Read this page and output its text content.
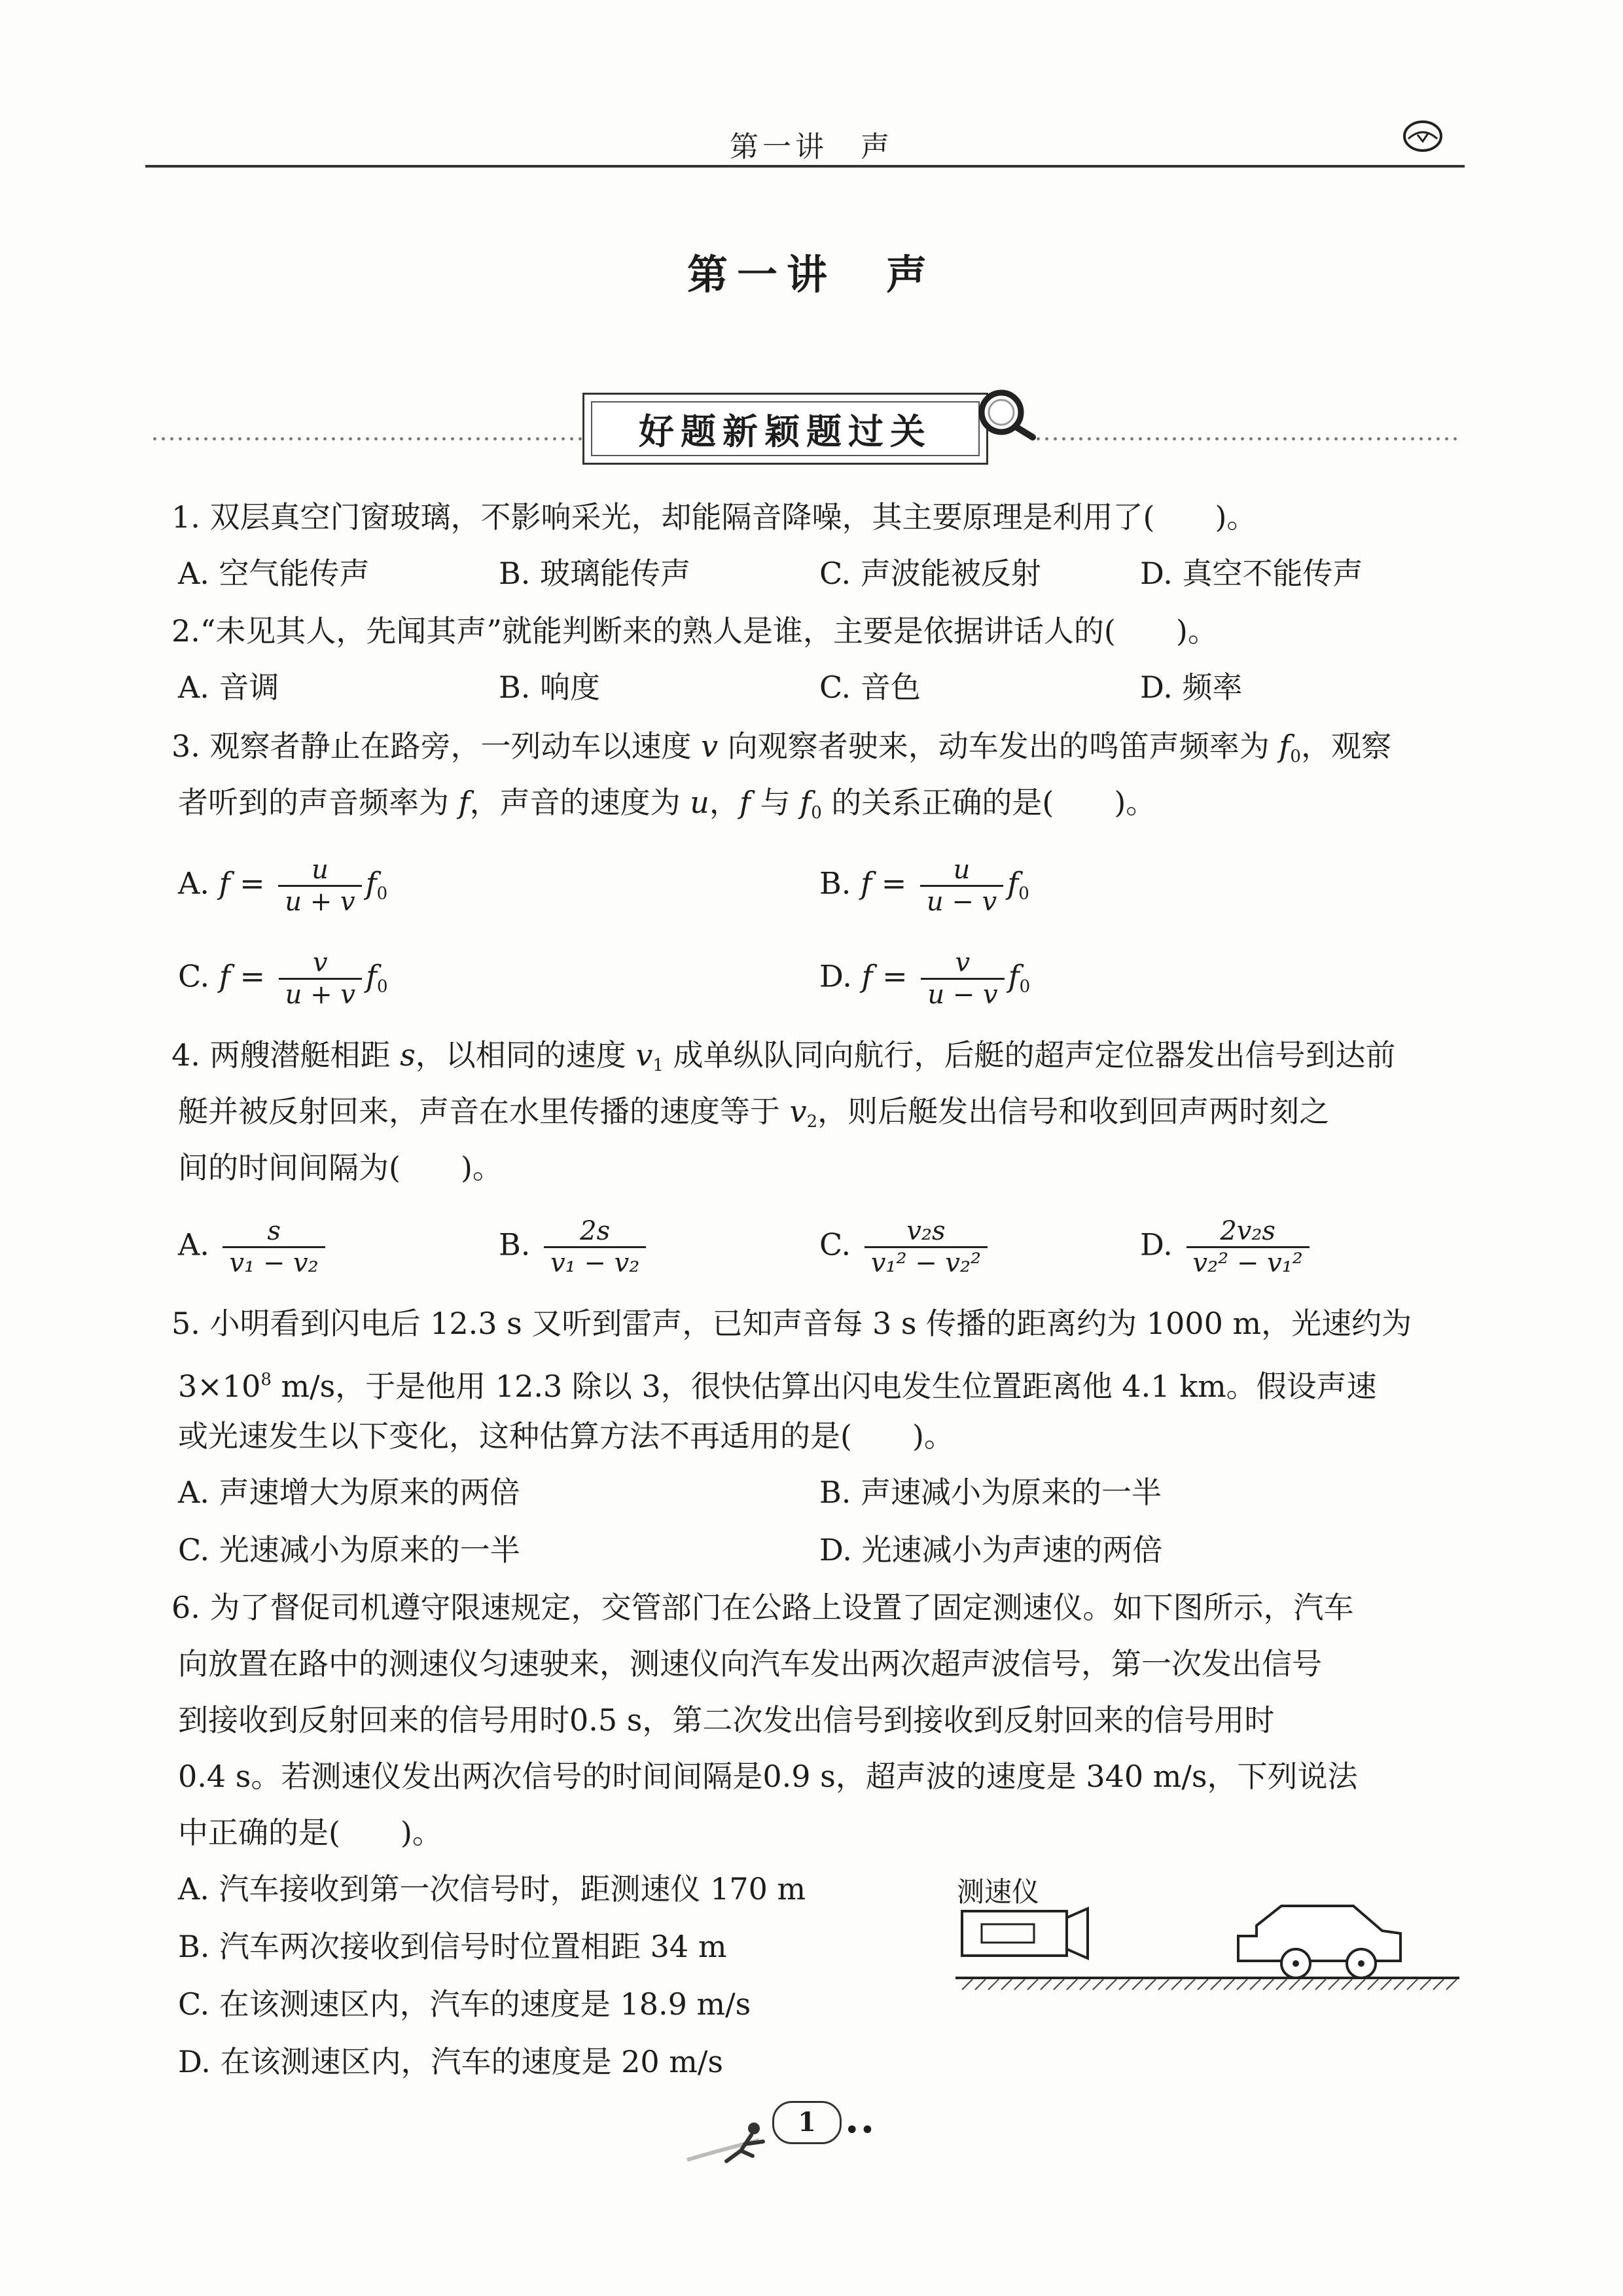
第一讲　声
第一讲　声
好题新颖题过关
1. 双层真空门窗玻璃，不影响采光，却能隔音降噪，其主要原理是利用了(　　)。
A. 空气能传声	B. 玻璃能传声	C. 声波能被反射	D. 真空不能传声
2.“未见其人，先闻其声”就能判断来的熟人是谁，主要是依据讲话人的(　　)。
A. 音调	B. 响度	C. 音色	D. 频率
3. 观察者静止在路旁，一列动车以速度 v 向观察者驶来，动车发出的鸣笛声频率为 $f_0$，观察
者听到的声音频率为 f，声音的速度为 u，f 与 $f_0$ 的关系正确的是(　　)。
A. $f = \frac{u}{u + v} f_0$	B. $f = \frac{u}{u - v} f_0$
C. $f = \frac{v}{u + v} f_0$	D. $f = \frac{v}{u - v} f_0$
4. 两艘潜艇相距 s，以相同的速度 $v_1$ 成单纵队同向航行，后艇的超声定位器发出信号到达前
艇并被反射回来，声音在水里传播的速度等于 $v_2$，则后艇发出信号和收到回声两时刻之
间的时间间隔为(　　)。
A. $\frac{s}{\text{v₁ − v₂}}$	B. $\frac{2s}{\text{v₁ − v₂}}$	C. $\frac{\text{v₂s}}{\text{v₁² − v₂²}}$	D. $\frac{\text{2v₂s}}{\text{v₂² − v₁²}}$
5. 小明看到闪电后 12.3 s 又听到雷声，已知声音每 3 s 传播的距离约为 1000 m，光速约为
$3\times 10^8$ m/s，于是他用 12.3 除以 3，很快估算出闪电发生位置距离他 4.1 km。假设声速
或光速发生以下变化，这种估算方法不再适用的是(　　)。
A. 声速增大为原来的两倍	B. 声速减小为原来的一半
C. 光速减小为原来的一半	D. 光速减小为声速的两倍
6. 为了督促司机遵守限速规定，交管部门在公路上设置了固定测速仪。如下图所示，汽车
向放置在路中的测速仪匀速驶来，测速仪向汽车发出两次超声波信号，第一次发出信号
到接收到反射回来的信号用时0.5 s，第二次发出信号到接收到反射回来的信号用时
0.4 s。若测速仪发出两次信号的时间间隔是0.9 s，超声波的速度是 340 m/s，下列说法
中正确的是(　　)。
A. 汽车接收到第一次信号时，距测速仪 170 m
B. 汽车两次接收到信号时位置相距 34 m
C. 在该测速区内，汽车的速度是 18.9 m/s
D. 在该测速区内，汽车的速度是 20 m/s
测速仪
1	••
